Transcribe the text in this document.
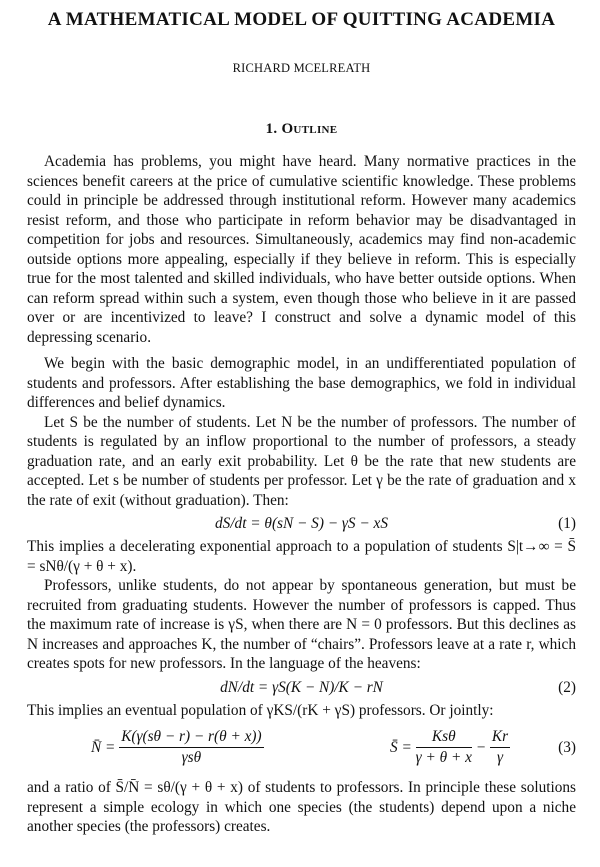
A MATHEMATICAL MODEL OF QUITTING ACADEMIA
RICHARD MCELREATH
1. Outline

Academia has problems, you might have heard. Many normative practices in the sciences benefit careers at the price of cumulative scientific knowledge. These problems could in principle be addressed through institutional reform. However many academics resist reform, and those who participate in reform behavior may be disadvantaged in competition for jobs and resources. Simultaneously, academics may find non-academic outside options more appealing, especially if they believe in reform. This is especially true for the most talented and skilled individuals, who have better outside options. When can reform spread within such a system, even though those who believe in it are passed over or are incentivized to leave? I construct and solve a dynamic model of this depressing scenario.

We begin with the basic demographic model, in an undifferentiated population of students and professors. After establishing the base demographics, we fold in individual differences and belief dynamics.

Let S be the number of students. Let N be the number of professors. The number of students is regulated by an inflow proportional to the number of professors, a steady graduation rate, and an early exit probability. Let θ be the rate that new students are accepted. Let s be number of students per professor. Let γ be the rate of graduation and x the rate of exit (without graduation). Then:

dS/dt = θ(sN − S) − γS − xS	(1)

This implies a decelerating exponential approach to a population of students S|t→∞ = S̄ = sNθ/(γ + θ + x).

Professors, unlike students, do not appear by spontaneous generation, but must be recruited from graduating students. However the number of professors is capped. Thus the maximum rate of increase is γS, when there are N = 0 professors. But this declines as N increases and approaches K, the number of “chairs”. Professors leave at a rate r, which creates spots for new professors. In the language of the heavens:

dN/dt = γS(K − N)/K − rN	(2)

This implies an eventual population of γKS/(rK + γS) professors. Or jointly:

N̄ = $\frac{K(\gamma(s\theta - r) - r(\theta + x))}{\text{γsθ}}$	S̄ = $\frac{\text{Ksθ}}{\gamma + \theta + x} - \frac{Kr}{\gamma}$	(3)

and a ratio of S̄/N̄ = sθ/(γ + θ + x) of students to professors. In principle these solutions represent a simple ecology in which one species (the students) depend upon a niche another species (the professors) creates.
